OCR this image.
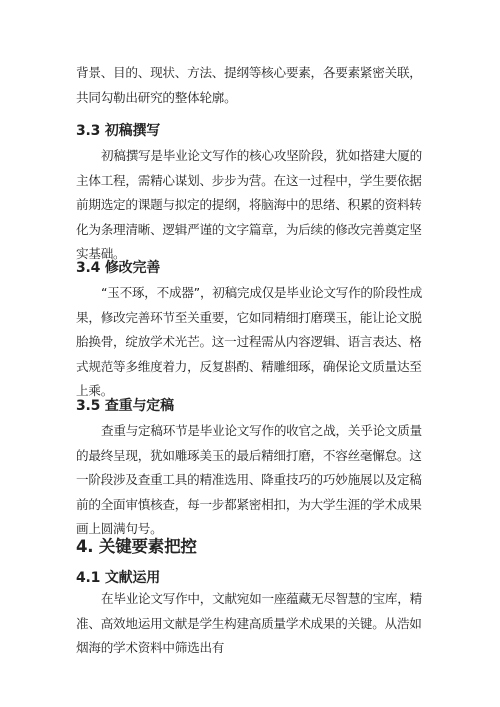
背景、目的、现状、方法、提纲等核心要素，各要素紧密关联，共同勾勒出研究的整体轮廓。

3.3 初稿撰写

初稿撰写是毕业论文写作的核心攻坚阶段，犹如搭建大厦的主体工程，需精心谋划、步步为营。在这一过程中，学生要依据前期选定的课题与拟定的提纲，将脑海中的思绪、积累的资料转化为条理清晰、逻辑严谨的文字篇章，为后续的修改完善奠定坚实基础。

3.4 修改完善

“玉不琢，不成器”，初稿完成仅是毕业论文写作的阶段性成果，修改完善环节至关重要，它如同精细打磨璞玉，能让论文脱胎换骨，绽放学术光芒。这一过程需从内容逻辑、语言表达、格式规范等多维度着力，反复斟酌、精雕细琢，确保论文质量达至上乘。

3.5 查重与定稿

查重与定稿环节是毕业论文写作的收官之战，关乎论文质量的最终呈现，犹如雕琢美玉的最后精细打磨，不容丝毫懈怠。这一阶段涉及查重工具的精准选用、降重技巧的巧妙施展以及定稿前的全面审慎核查，每一步都紧密相扣，为大学生涯的学术成果画上圆满句号。

4. 关键要素把控
4.1 文献运用

在毕业论文写作中，文献宛如一座蕴藏无尽智慧的宝库，精准、高效地运用文献是学生构建高质量学术成果的关键。从浩如烟海的学术资料中筛选出有
